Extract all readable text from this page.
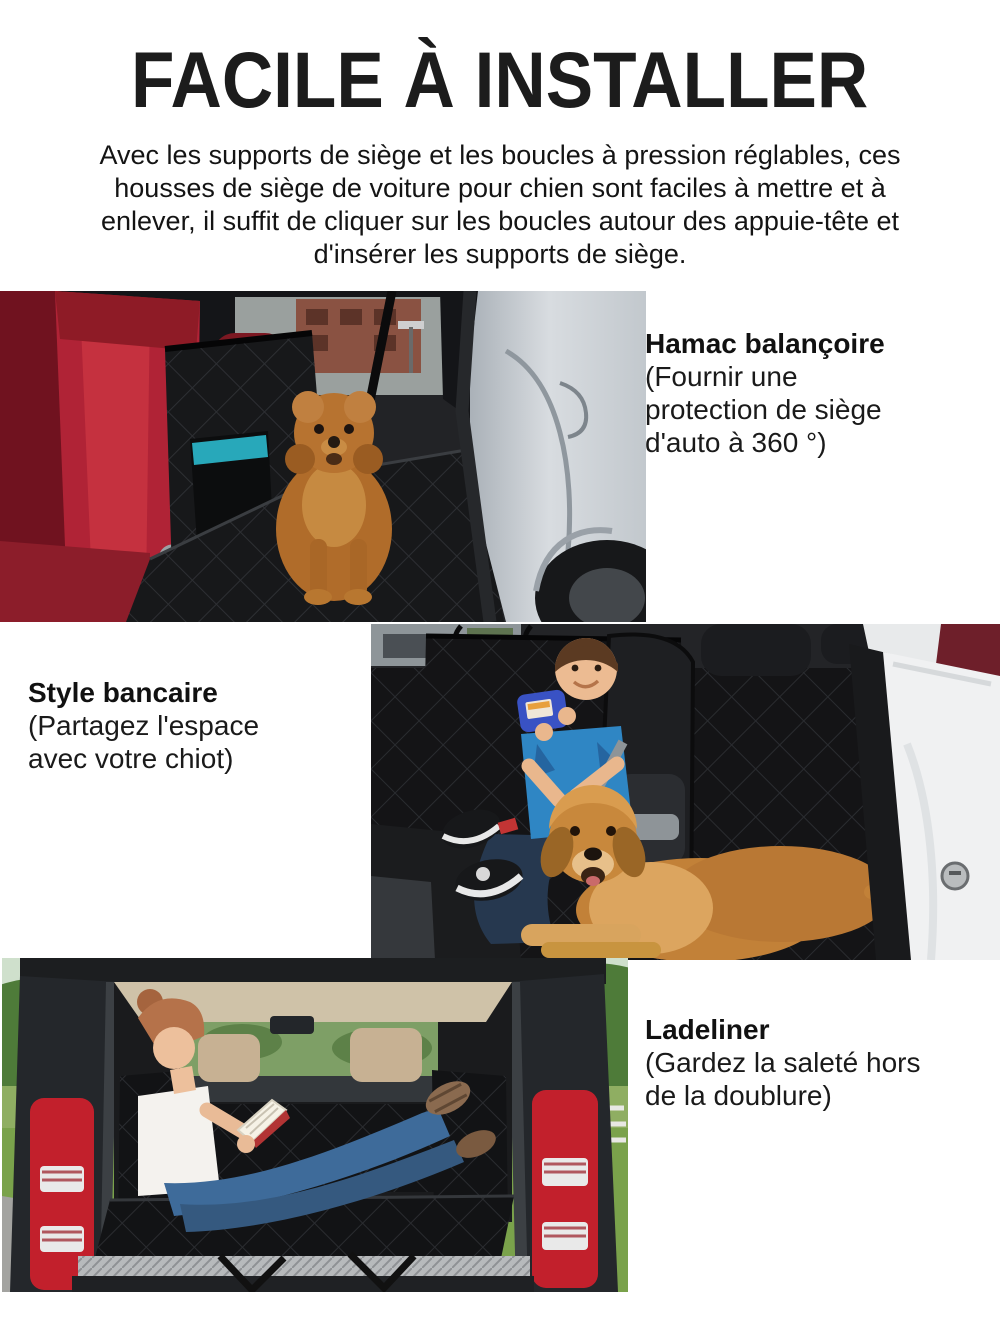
FACILE À INSTALLER
Avec les supports de siège et les boucles à pression réglables, ces
housses de siège de voiture pour chien sont faciles à mettre et à
enlever, il suffit de cliquer sur les boucles autour des appuie-tête et
d'insérer les supports de siège.
Hamac balançoire
(Fournir une
protection de siège
d'auto à 360 °)
Style bancaire
(Partagez l'espace
avec votre chiot)
Ladeliner
(Gardez la saleté hors
de la doublure)
